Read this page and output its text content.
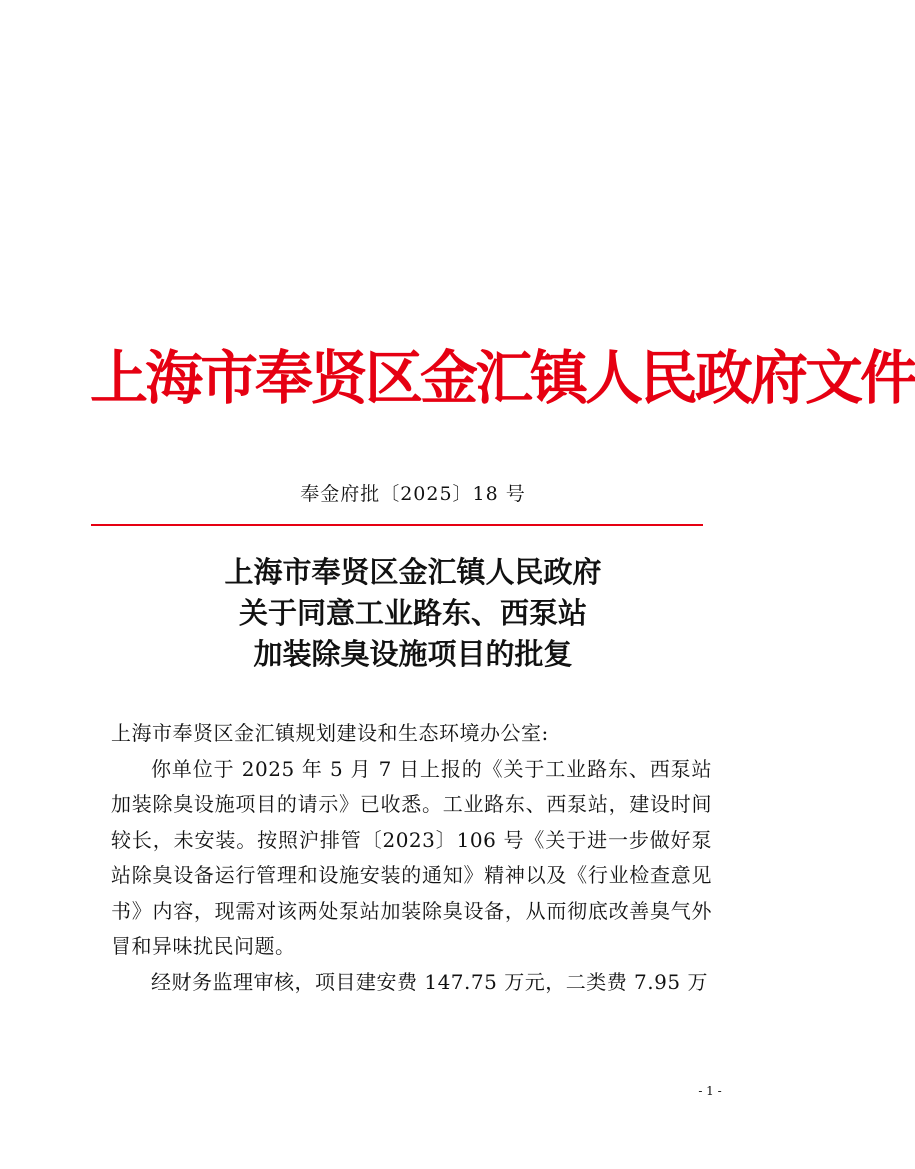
上海市奉贤区金汇镇人民政府文件
奉金府批〔2025〕18 号
上海市奉贤区金汇镇人民政府
关于同意工业路东、西泵站
加装除臭设施项目的批复

上海市奉贤区金汇镇规划建设和生态环境办公室:

你单位于 2025 年 5 月 7 日上报的《关于工业路东、西泵站加装除臭设施项目的请示》已收悉。工业路东、西泵站，建设时间较长，未安装。按照沪排管〔2023〕106 号《关于进一步做好泵站除臭设备运行管理和设施安装的通知》精神以及《行业检查意见书》内容，现需对该两处泵站加装除臭设备，从而彻底改善臭气外冒和异味扰民问题。

经财务监理审核，项目建安费 147.75 万元，二类费 7.95 万

- 1 -
